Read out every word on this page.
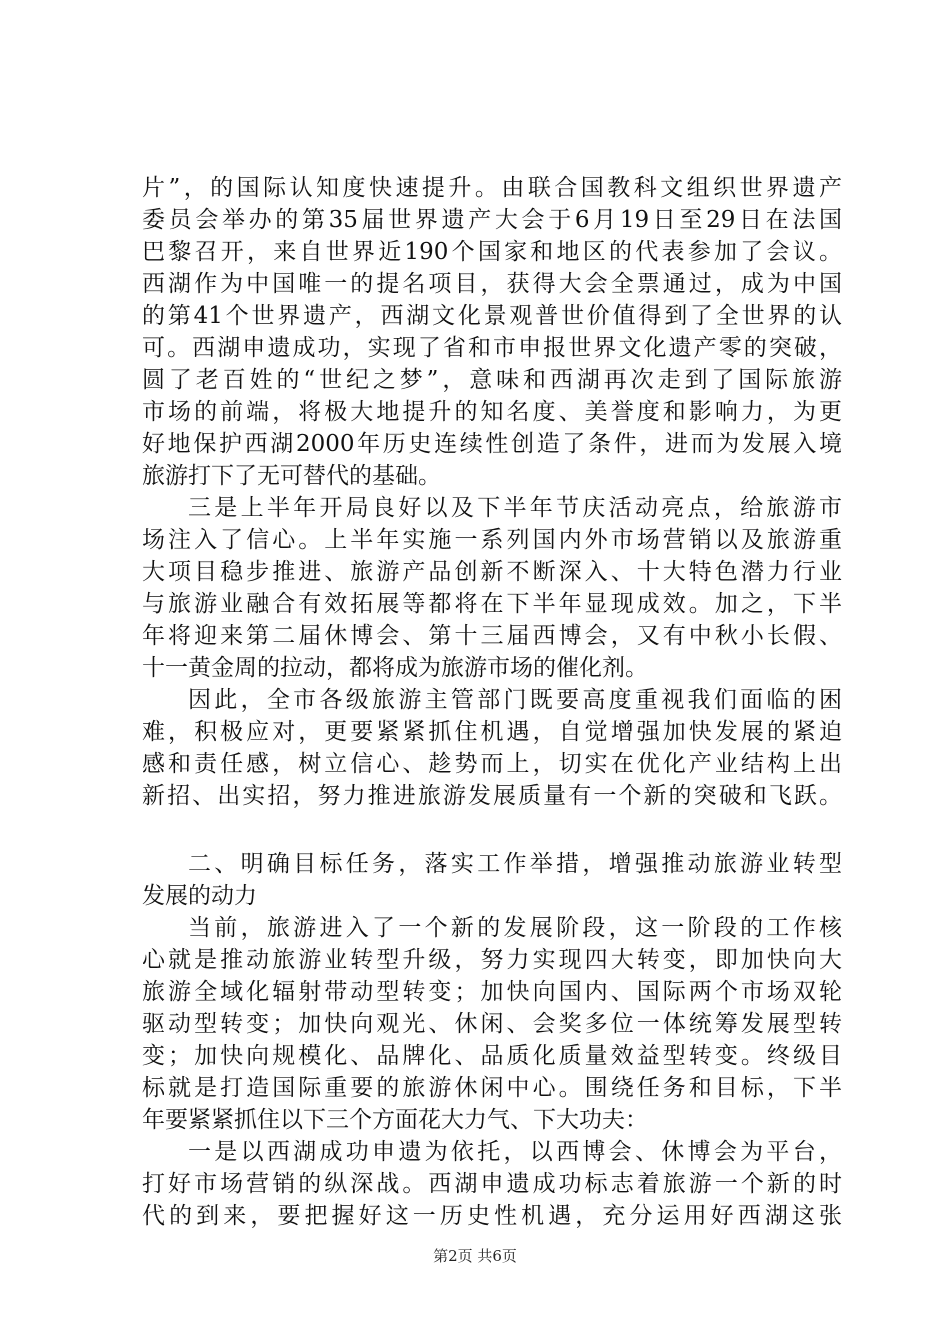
片”，的国际认知度快速提升。由联合国教科文组织世界遗产
委员会举办的第35届世界遗产大会于6月19日至29日在法国
巴黎召开，来自世界近190个国家和地区的代表参加了会议。
西湖作为中国唯一的提名项目，获得大会全票通过，成为中国
的第41个世界遗产，西湖文化景观普世价值得到了全世界的认
可。西湖申遗成功，实现了省和市申报世界文化遗产零的突破，
圆了老百姓的“世纪之梦”，意味和西湖再次走到了国际旅游
市场的前端，将极大地提升的知名度、美誉度和影响力，为更
好地保护西湖2000年历史连续性创造了条件，进而为发展入境
旅游打下了无可替代的基础。
三是上半年开局良好以及下半年节庆活动亮点，给旅游市
场注入了信心。上半年实施一系列国内外市场营销以及旅游重
大项目稳步推进、旅游产品创新不断深入、十大特色潜力行业
与旅游业融合有效拓展等都将在下半年显现成效。加之，下半
年将迎来第二届休博会、第十三届西博会，又有中秋小长假、
十一黄金周的拉动，都将成为旅游市场的催化剂。
因此，全市各级旅游主管部门既要高度重视我们面临的困
难，积极应对，更要紧紧抓住机遇，自觉增强加快发展的紧迫
感和责任感，树立信心、趁势而上，切实在优化产业结构上出
新招、出实招，努力推进旅游发展质量有一个新的突破和飞跃。
二、明确目标任务，落实工作举措，增强推动旅游业转型
发展的动力
当前，旅游进入了一个新的发展阶段，这一阶段的工作核
心就是推动旅游业转型升级，努力实现四大转变，即加快向大
旅游全域化辐射带动型转变；加快向国内、国际两个市场双轮
驱动型转变；加快向观光、休闲、会奖多位一体统筹发展型转
变；加快向规模化、品牌化、品质化质量效益型转变。终级目
标就是打造国际重要的旅游休闲中心。围绕任务和目标，下半
年要紧紧抓住以下三个方面花大力气、下大功夫：
一是以西湖成功申遗为依托，以西博会、休博会为平台，
打好市场营销的纵深战。西湖申遗成功标志着旅游一个新的时
代的到来，要把握好这一历史性机遇，充分运用好西湖这张
第2页 共6页
